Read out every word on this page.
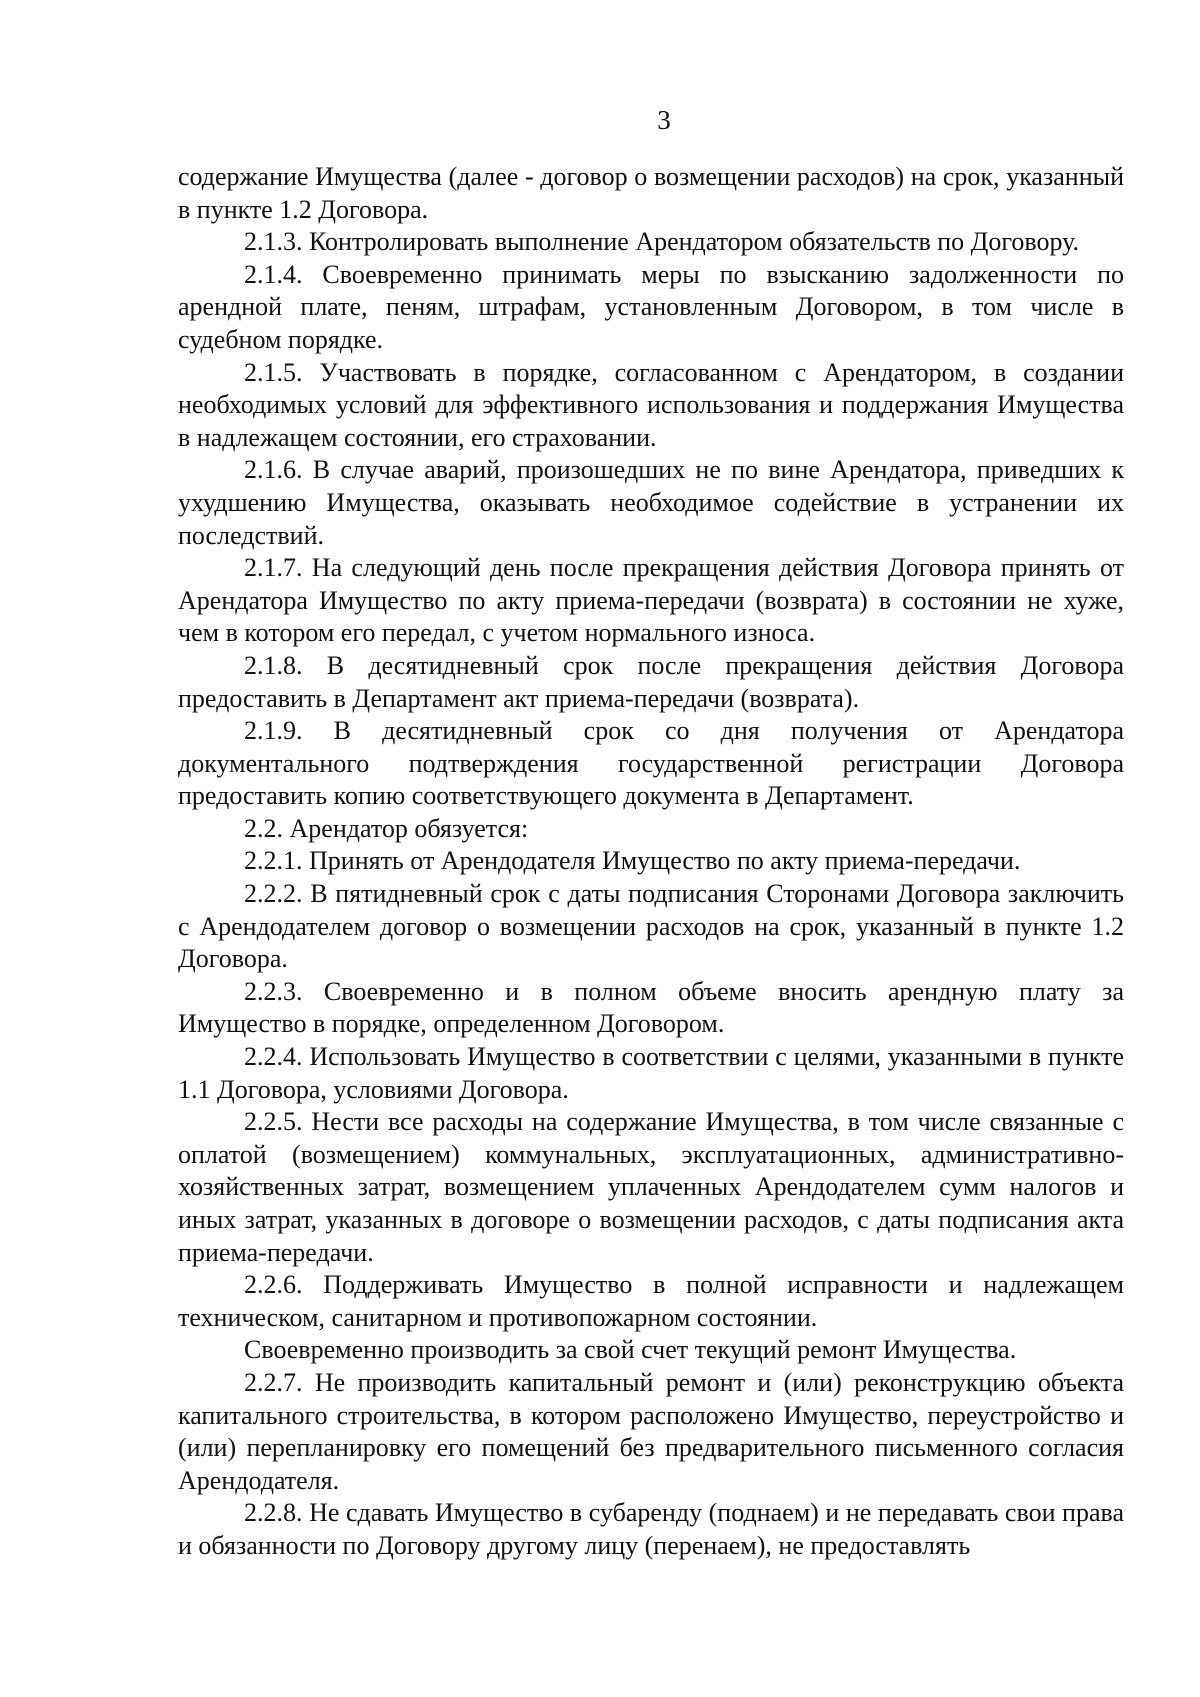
3

содержание Имущества (далее - договор о возмещении расходов) на срок, указанный в пункте 1.2 Договора.

2.1.3. Контролировать выполнение Арендатором обязательств по Договору.

2.1.4. Своевременно принимать меры по взысканию задолженности по арендной плате, пеням, штрафам, установленным Договором, в том числе в судебном порядке.

2.1.5. Участвовать в порядке, согласованном с Арендатором, в создании необходимых условий для эффективного использования и поддержания Имущества в надлежащем состоянии, его страховании.

2.1.6. В случае аварий, произошедших не по вине Арендатора, приведших к ухудшению Имущества, оказывать необходимое содействие в устранении их последствий.

2.1.7. На следующий день после прекращения действия Договора принять от Арендатора Имущество по акту приема-передачи (возврата) в состоянии не хуже, чем в котором его передал, с учетом нормального износа.

2.1.8. В десятидневный срок после прекращения действия Договора предоставить в Департамент акт приема-передачи (возврата).

2.1.9. В десятидневный срок со дня получения от Арендатора документального подтверждения государственной регистрации Договора предоставить копию соответствующего документа в Департамент.

2.2. Арендатор обязуется:

2.2.1. Принять от Арендодателя Имущество по акту приема-передачи.

2.2.2. В пятидневный срок с даты подписания Сторонами Договора заключить с Арендодателем договор о возмещении расходов на срок, указанный в пункте 1.2 Договора.

2.2.3. Своевременно и в полном объеме вносить арендную плату за Имущество в порядке, определенном Договором.

2.2.4. Использовать Имущество в соответствии с целями, указанными в пункте 1.1 Договора, условиями Договора.

2.2.5. Нести все расходы на содержание Имущества, в том числе связанные с оплатой (возмещением) коммунальных, эксплуатационных, административно-хозяйственных затрат, возмещением уплаченных Арендодателем сумм налогов и иных затрат, указанных в договоре о возмещении расходов, с даты подписания акта приема-передачи.

2.2.6. Поддерживать Имущество в полной исправности и надлежащем техническом, санитарном и противопожарном состоянии.

Своевременно производить за свой счет текущий ремонт Имущества.

2.2.7. Не производить капитальный ремонт и (или) реконструкцию объекта капитального строительства, в котором расположено Имущество, переустройство и (или) перепланировку его помещений без предварительного письменного согласия Арендодателя.

2.2.8. Не сдавать Имущество в субаренду (поднаем) и не передавать свои права и обязанности по Договору другому лицу (перенаем), не предоставлять
